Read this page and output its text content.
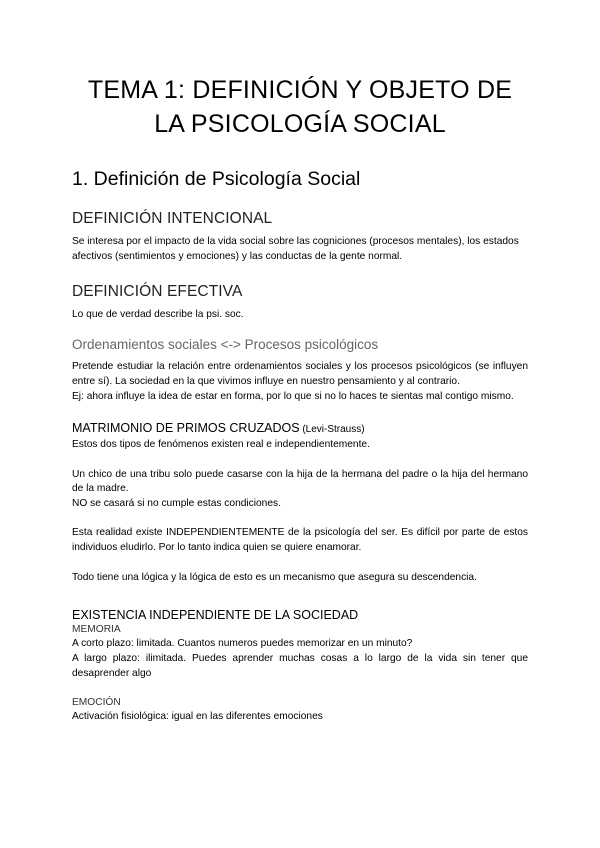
TEMA 1: DEFINICIÓN Y OBJETO DE
LA PSICOLOGÍA SOCIAL
1. Definición de Psicología Social
DEFINICIÓN INTENCIONAL

Se interesa por el impacto de la vida social sobre las cogniciones (procesos mentales), los estados afectivos (sentimientos y emociones) y las conductas de la gente normal.

DEFINICIÓN EFECTIVA

Lo que de verdad describe la psi. soc.

Ordenamientos sociales <-> Procesos psicológicos

Pretende estudiar la relación entre ordenamientos sociales y los procesos psicológicos (se influyen entre sí). La sociedad en la que vivimos influye en nuestro pensamiento y al contrario.

Ej: ahora influye la idea de estar en forma, por lo que si no lo haces te sientas mal contigo mismo.

MATRIMONIO DE PRIMOS CRUZADOS (Levi-Strauss)

Estos dos tipos de fenómenos existen real e independientemente.

Un chico de una tribu solo puede casarse con la hija de la hermana del padre o la hija del hermano de la madre.

NO se casará si no cumple estas condiciones.

Esta realidad existe INDEPENDIENTEMENTE de la psicología del ser. Es difícil por parte de estos individuos eludirlo. Por lo tanto indica quien se quiere enamorar.

Todo tiene una lógica y la lógica de esto es un mecanismo que asegura su descendencia.

EXISTENCIA INDEPENDIENTE DE LA SOCIEDAD

MEMORIA

A corto plazo: limitada. Cuantos numeros puedes memorizar en un minuto?

A largo plazo: ilimitada. Puedes aprender muchas cosas a lo largo de la vida sin tener que desaprender algo

EMOCIÓN

Activación fisiológica: igual en las diferentes emociones
